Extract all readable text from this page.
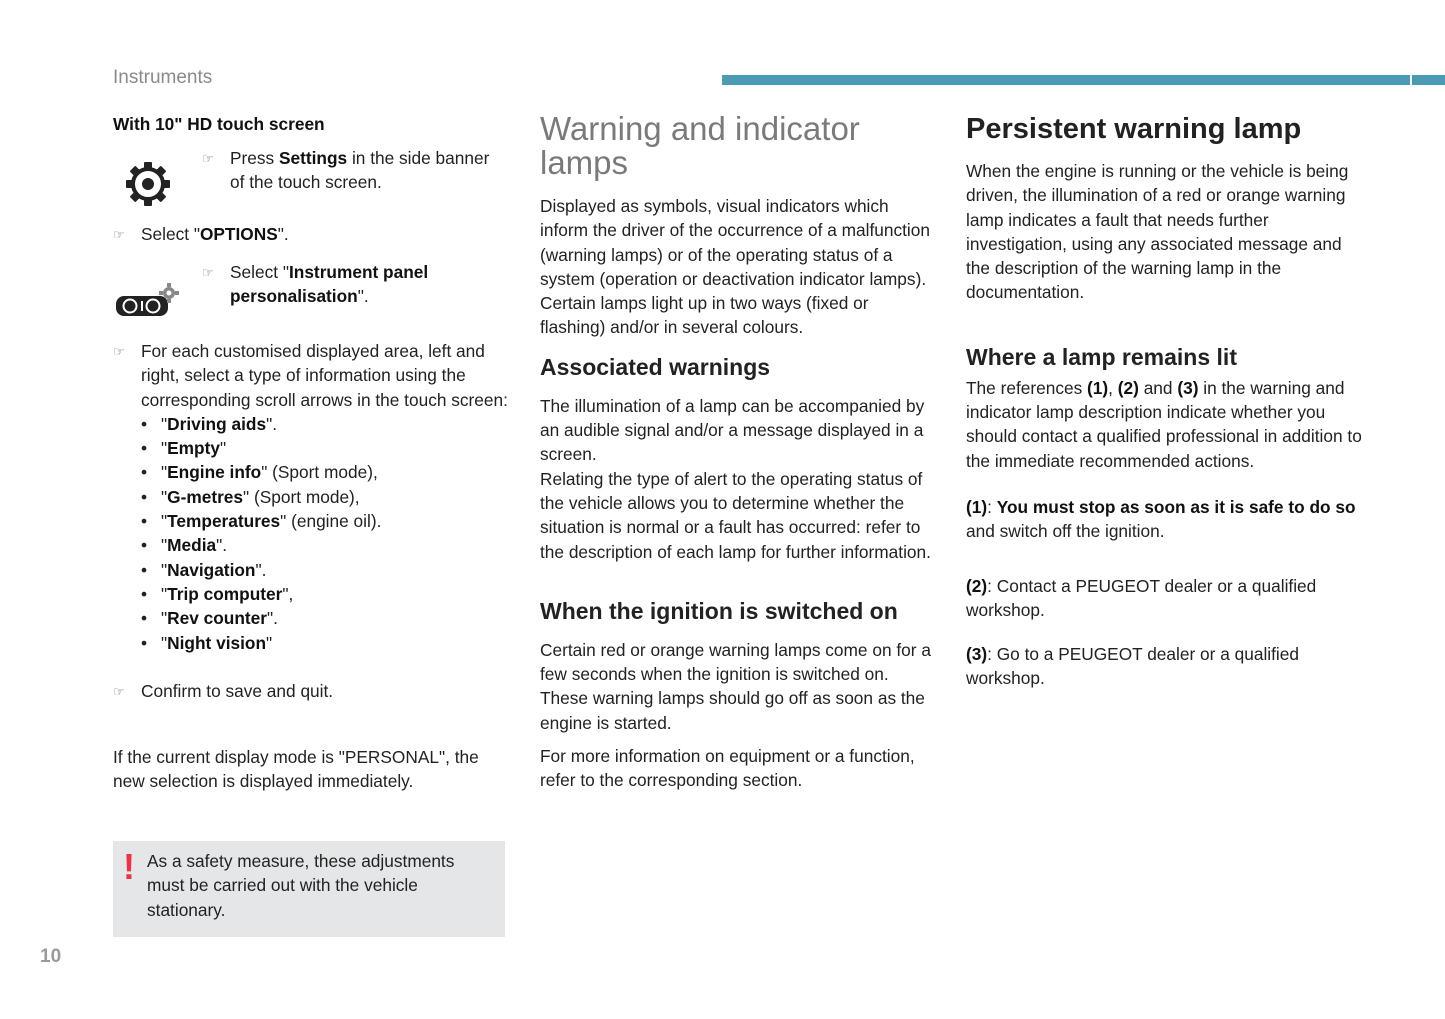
Instruments

With 10" HD touch screen

☞ Press Settings in the side banner of the touch screen.
☞ Select "OPTIONS".
☞ Select "Instrument panel personalisation".
☞ For each customised displayed area, left and right, select a type of information using the corresponding scroll arrows in the touch screen:

• "Driving aids".
• "Empty"
• "Engine info" (Sport mode),
• "G-metres" (Sport mode),
• "Temperatures" (engine oil).
• "Media".
• "Navigation".
• "Trip computer",
• "Rev counter".
• "Night vision"
☞ Confirm to save and quit.

If the current display mode is "PERSONAL", the new selection is displayed immediately.

! As a safety measure, these adjustments must be carried out with the vehicle stationary.
10

Warning and indicator lamps

Displayed as symbols, visual indicators which inform the driver of the occurrence of a malfunction (warning lamps) or of the operating status of a system (operation or deactivation indicator lamps). Certain lamps light up in two ways (fixed or flashing) and/or in several colours.

Associated warnings

The illumination of a lamp can be accompanied by an audible signal and/or a message displayed in a screen.

Relating the type of alert to the operating status of the vehicle allows you to determine whether the situation is normal or a fault has occurred: refer to the description of each lamp for further information.

When the ignition is switched on

Certain red or orange warning lamps come on for a few seconds when the ignition is switched on. These warning lamps should go off as soon as the engine is started.

For more information on equipment or a function, refer to the corresponding section.

Persistent warning lamp

When the engine is running or the vehicle is being driven, the illumination of a red or orange warning lamp indicates a fault that needs further investigation, using any associated message and the description of the warning lamp in the documentation.

Where a lamp remains lit

The references (1), (2) and (3) in the warning and indicator lamp description indicate whether you should contact a qualified professional in addition to the immediate recommended actions.

(1): You must stop as soon as it is safe to do so and switch off the ignition.

(2): Contact a PEUGEOT dealer or a qualified workshop.

(3): Go to a PEUGEOT dealer or a qualified workshop.
